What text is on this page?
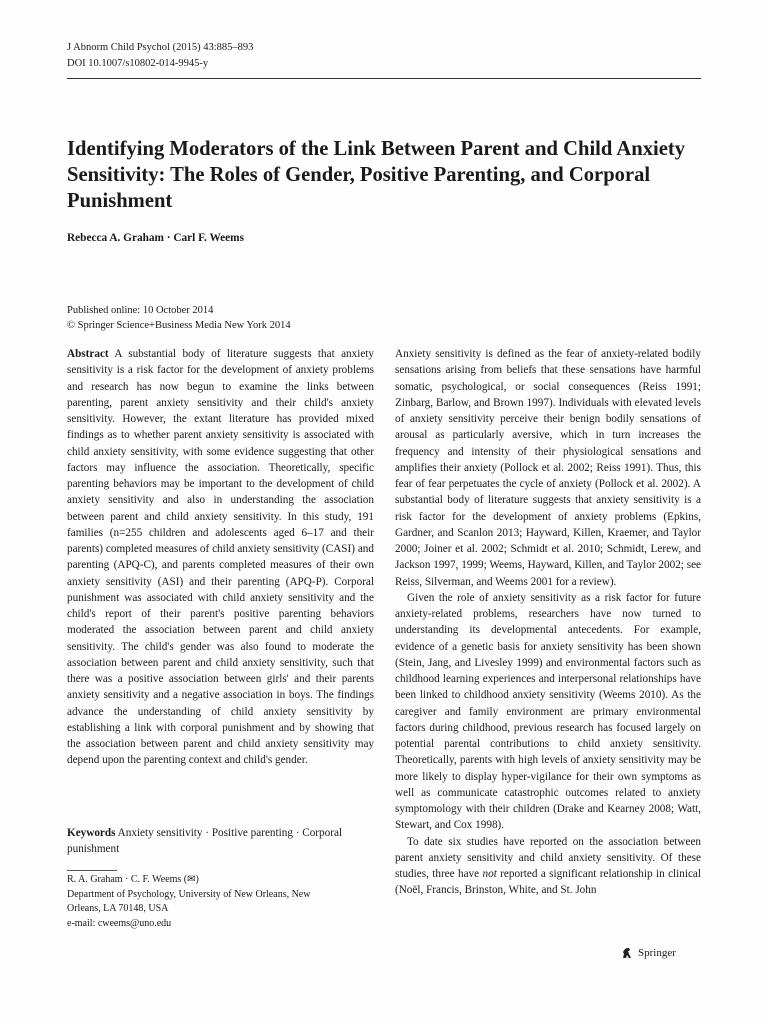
J Abnorm Child Psychol (2015) 43:885–893
DOI 10.1007/s10802-014-9945-y
Identifying Moderators of the Link Between Parent and Child Anxiety Sensitivity: The Roles of Gender, Positive Parenting, and Corporal Punishment
Rebecca A. Graham · Carl F. Weems
Published online: 10 October 2014
© Springer Science+Business Media New York 2014

Abstract A substantial body of literature suggests that anxiety sensitivity is a risk factor for the development of anxiety problems and research has now begun to examine the links between parenting, parent anxiety sensitivity and their child's anxiety sensitivity. However, the extant literature has provided mixed findings as to whether parent anxiety sensitivity is associated with child anxiety sensitivity, with some evidence suggesting that other factors may influence the association. Theoretically, specific parenting behaviors may be important to the development of child anxiety sensitivity and also in understanding the association between parent and child anxiety sensitivity. In this study, 191 families (n=255 children and adolescents aged 6–17 and their parents) completed measures of child anxiety sensitivity (CASI) and parenting (APQ-C), and parents completed measures of their own anxiety sensitivity (ASI) and their parenting (APQ-P). Corporal punishment was associated with child anxiety sensitivity and the child's report of their parent's positive parenting behaviors moderated the association between parent and child anxiety sensitivity. The child's gender was also found to moderate the association between parent and child anxiety sensitivity, such that there was a positive association between girls' and their parents anxiety sensitivity and a negative association in boys. The findings advance the understanding of child anxiety sensitivity by establishing a link with corporal punishment and by showing that the association between parent and child anxiety sensitivity may depend upon the parenting context and child's gender.

Keywords Anxiety sensitivity · Positive parenting · Corporal punishment
R. A. Graham · C. F. Weems (✉)
Department of Psychology, University of New Orleans, New
Orleans, LA 70148, USA
e-mail: cweems@uno.edu

Anxiety sensitivity is defined as the fear of anxiety-related bodily sensations arising from beliefs that these sensations have harmful somatic, psychological, or social consequences (Reiss 1991; Zinbarg, Barlow, and Brown 1997). Individuals with elevated levels of anxiety sensitivity perceive their benign bodily sensations of arousal as particularly aversive, which in turn increases the frequency and intensity of their physiological sensations and amplifies their anxiety (Pollock et al. 2002; Reiss 1991). Thus, this fear of fear perpetuates the cycle of anxiety (Pollock et al. 2002). A substantial body of literature suggests that anxiety sensitivity is a risk factor for the development of anxiety problems (Epkins, Gardner, and Scanlon 2013; Hayward, Killen, Kraemer, and Taylor 2000; Joiner et al. 2002; Schmidt et al. 2010; Schmidt, Lerew, and Jackson 1997, 1999; Weems, Hayward, Killen, and Taylor 2002; see Reiss, Silverman, and Weems 2001 for a review).

Given the role of anxiety sensitivity as a risk factor for future anxiety-related problems, researchers have now turned to understanding its developmental antecedents. For example, evidence of a genetic basis for anxiety sensitivity has been shown (Stein, Jang, and Livesley 1999) and environmental factors such as childhood learning experiences and interpersonal relationships have been linked to childhood anxiety sensitivity (Weems 2010). As the caregiver and family environment are primary environmental factors during childhood, previous research has focused largely on potential parental contributions to child anxiety sensitivity. Theoretically, parents with high levels of anxiety sensitivity may be more likely to display hyper-vigilance for their own symptoms as well as communicate catastrophic outcomes related to anxiety symptomology with their children (Drake and Kearney 2008; Watt, Stewart, and Cox 1998).

To date six studies have reported on the association between parent anxiety sensitivity and child anxiety sensitivity. Of these studies, three have not reported a significant relationship in clinical (Noël, Francis, Brinston, White, and St. John

Springer
